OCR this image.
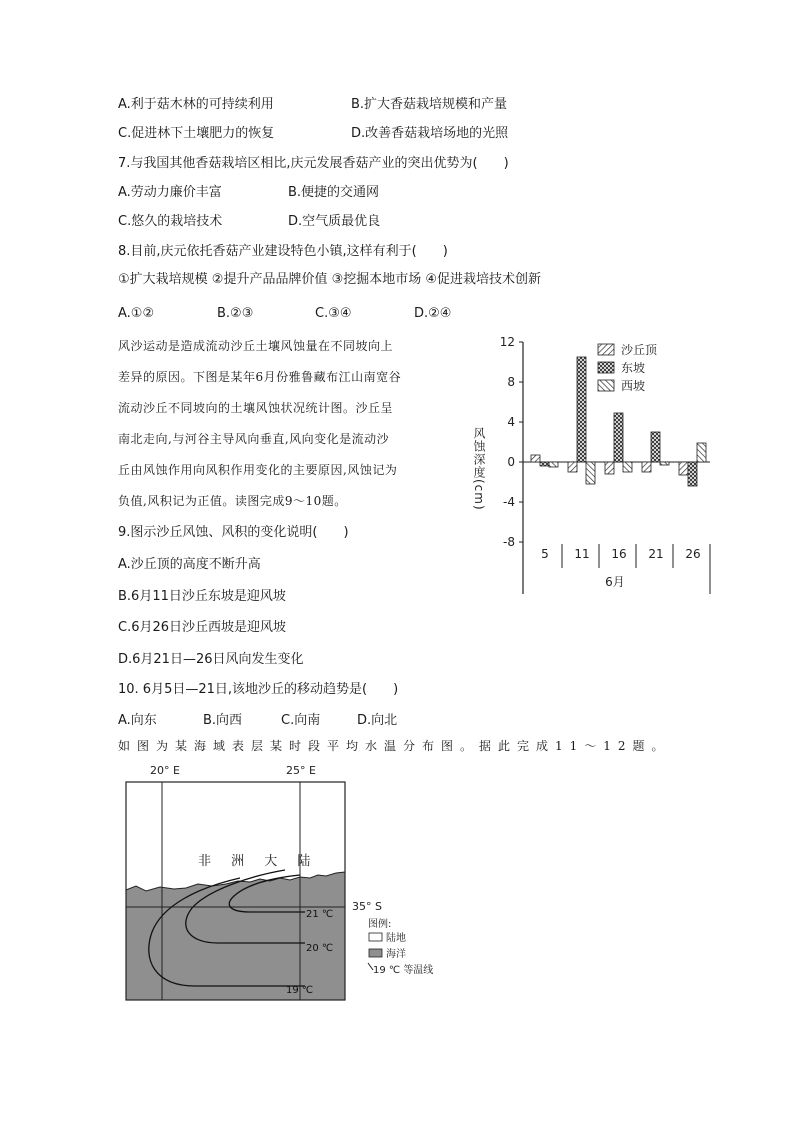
A.利于菇木林的可持续利用	B.扩大香菇栽培规模和产量
C.促进林下土壤肥力的恢复	D.改善香菇栽培场地的光照
7.与我国其他香菇栽培区相比,庆元发展香菇产业的突出优势为(　　)
A.劳动力廉价丰富	B.便捷的交通网
C.悠久的栽培技术	D.空气质最优良
8.目前,庆元依托香菇产业建设特色小镇,这样有利于(　　)
①扩大栽培规模 ②提升产品品牌价值 ③挖掘本地市场 ④促进栽培技术创新
A.①②	B.②③	C.③④	D.②④
风沙运动是造成流动沙丘土壤风蚀量在不同坡向上
差异的原因。下图是某年6月份雅鲁藏布江山南宽谷
流动沙丘不同坡向的土壤风蚀状况统计图。沙丘呈
南北走向,与河谷主导风向垂直,风向变化是流动沙
丘由风蚀作用向风积作用变化的主要原因,风蚀记为
负值,风积记为正值。读图完成9～10题。
9.图示沙丘风蚀、风积的变化说明(　　)
A.沙丘顶的高度不断升高
B.6月11日沙丘东坡是迎风坡
C.6月26日沙丘西坡是迎风坡
D.6月21日—26日风向发生变化
10. 6月5日—21日,该地沙丘的移动趋势是(　　)
A.向东	B.向西	C.向南	D.向北
如图为某海域表层某时段平均水温分布图。据此完成11～12题。
12
8
4
0
-4
-8
风蚀深度(cm)
5 11 16 21 26
6月
沙丘顶
东坡
西坡
20° E	25° E
35° S
非 洲 大 陆
21 ℃
20 ℃
19 ℃
图例:
陆地
海洋
19 ℃ 等温线
